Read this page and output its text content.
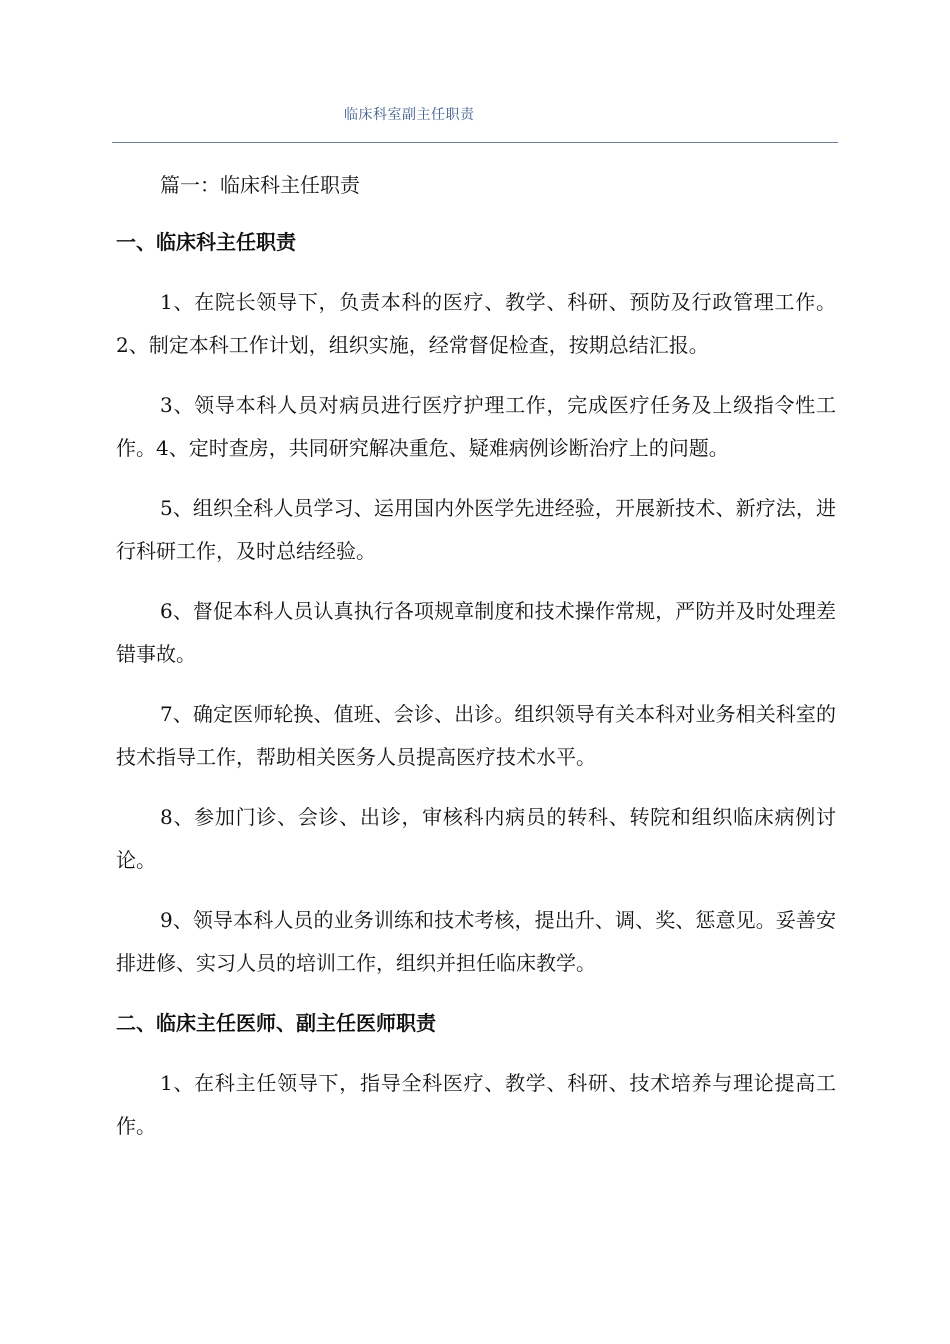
临床科室副主任职责

篇一：临床科主任职责

一、临床科主任职责

1、在院长领导下，负责本科的医疗、教学、科研、预防及行政管理工作。2、制定本科工作计划，组织实施，经常督促检查，按期总结汇报。

3、领导本科人员对病员进行医疗护理工作，完成医疗任务及上级指令性工作。4、定时查房，共同研究解决重危、疑难病例诊断治疗上的问题。

5、组织全科人员学习、运用国内外医学先进经验，开展新技术、新疗法，进行科研工作，及时总结经验。

6、督促本科人员认真执行各项规章制度和技术操作常规，严防并及时处理差错事故。

7、确定医师轮换、值班、会诊、出诊。组织领导有关本科对业务相关科室的技术指导工作，帮助相关医务人员提高医疗技术水平。

8、参加门诊、会诊、出诊，审核科内病员的转科、转院和组织临床病例讨论。

9、领导本科人员的业务训练和技术考核，提出升、调、奖、惩意见。妥善安排进修、实习人员的培训工作，组织并担任临床教学。

二、临床主任医师、副主任医师职责

1、在科主任领导下，指导全科医疗、教学、科研、技术培养与理论提高工作。
